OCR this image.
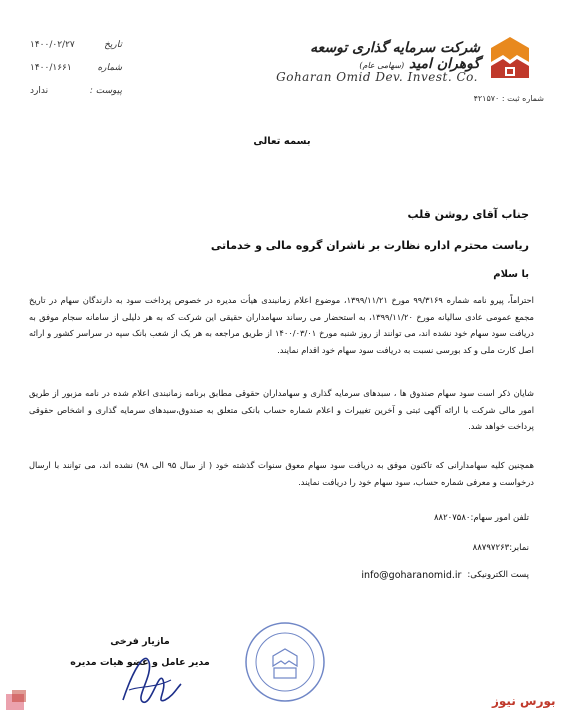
شرکت سرمایه گذاری توسعه گوهران امید (سهامی عام)
Goharan Omid Dev. Invest. Co.
شماره ثبت : ۴۲۱۵۷۰
تاریخ
۱۴۰۰/۰۲/۲۷
شماره
۱۴۰۰/۱۶۶۱
پیوست :
ندارد
بسمه تعالی
جناب آقای روشن قلب
ریاست محترم اداره نظارت بر ناشران گروه مالی و خدماتی
با سلام
احتراماً، پیرو نامه شماره ۹۹/۳۱۶۹ مورخ ۱۳۹۹/۱۱/۲۱، موضوع اعلام زمانبندی هیأت مدیره در خصوص پرداخت سود به دارندگان سهام در تاریخ مجمع عمومی عادی سالیانه مورخ ۱۳۹۹/۱۱/۲۰، به استحضار می رساند سهامداران حقیقی این شرکت که به هر دلیلی از سامانه سجام موفق به دریافت سود سهام خود نشده اند، می توانند از روز شنبه مورخ ۱۴۰۰/۰۳/۰۱ از طریق مراجعه به هر یک از شعب بانک سپه در سراسر کشور و ارائه اصل کارت ملی و کد بورسی نسبت به دریافت سود سهام خود اقدام نمایند.
شایان ذکر است سود سهام صندوق ها ، سبدهای سرمایه گذاری و سهامداران حقوقی مطابق برنامه زمانبندی اعلام شده در نامه مزبور از طریق امور مالی شرکت با ارائه آگهی ثبتی و آخرین تغییرات و اعلام شماره حساب بانکی متعلق به صندوق،سبدهای سرمایه گذاری و اشخاص حقوقی پرداخت خواهد شد.
همچنین کلیه سهامدارانی که تاکنون موفق به دریافت سود سهام معوق سنوات گذشته خود ( از سال ۹۵ الی ۹۸) نشده اند، می توانند با ارسال درخواست و معرفی شماره حساب، سود سهام خود را دریافت نمایند.
تلفن امور سهام:۸۸۲۰۷۵۸۰
نمابر:۸۸۷۹۷۲۶۳
پست الکترونیکی:
info@goharanomid.ir
مازیار فرخی
مدیر عامل و عضو هیات مدیره
بورس نیوز
